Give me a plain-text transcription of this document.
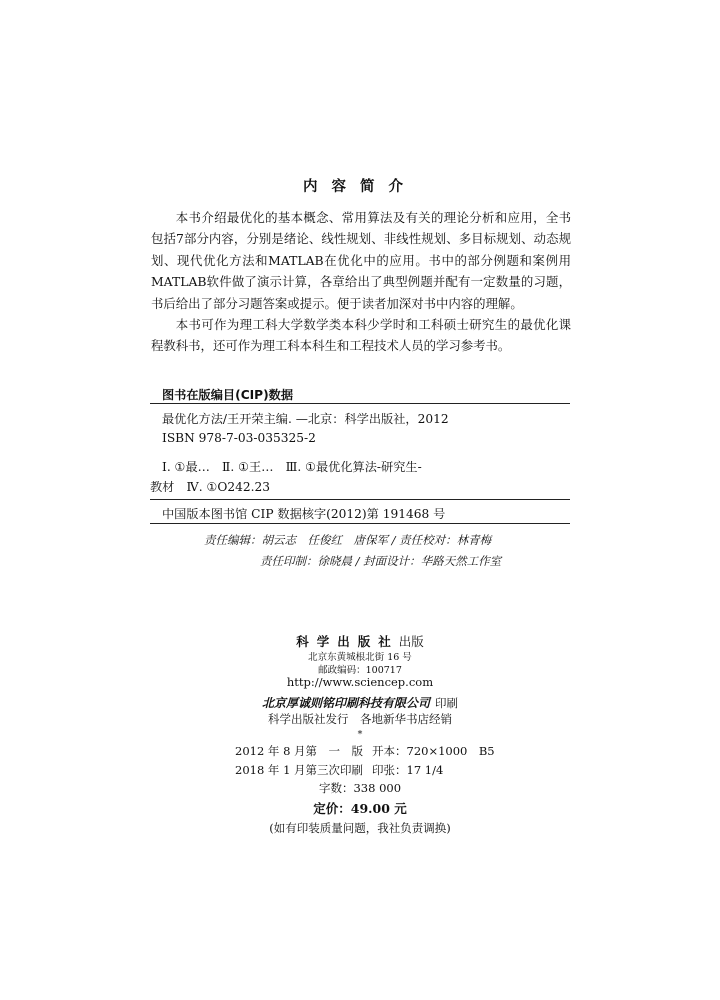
内容简介

本书介绍最优化的基本概念、常用算法及有关的理论分析和应用，全书包括7部分内容，分别是绪论、线性规划、非线性规划、多目标规划、动态规划、现代优化方法和MATLAB在优化中的应用。书中的部分例题和案例用MATLAB软件做了演示计算，各章给出了典型例题并配有一定数量的习题，书后给出了部分习题答案或提示。便于读者加深对书中内容的理解。

本书可作为理工科大学数学类本科少学时和工科硕士研究生的最优化课程教科书，还可作为理工科本科生和工程技术人员的学习参考书。

图书在版编目(CIP)数据
最优化方法/王开荣主编. —北京：科学出版社，2012
ISBN 978-7-03-035325-2
Ⅰ. ①最…　Ⅱ. ①王…　Ⅲ. ①最优化算法-研究生-
教材　Ⅳ. ①O242.23
中国版本图书馆 CIP 数据核字(2012)第 191468 号
责任编辑：胡云志　任俊红　唐保军 / 责任校对：林青梅
责任印制：徐晓晨 / 封面设计：华路天然工作室
科学出版社出版
北京东黄城根北街 16 号
邮政编码：100717
http://www.sciencep.com
北京厚诚则铭印刷科技有限公司 印刷
科学出版社发行　各地新华书店经销
*
2012 年 8 月第　一　版 开本：720×1000　B5
2018 年 1 月第三次印刷 印张：17 1/4
字数：338 000
定价：49.00 元
(如有印装质量问题，我社负责调换)
